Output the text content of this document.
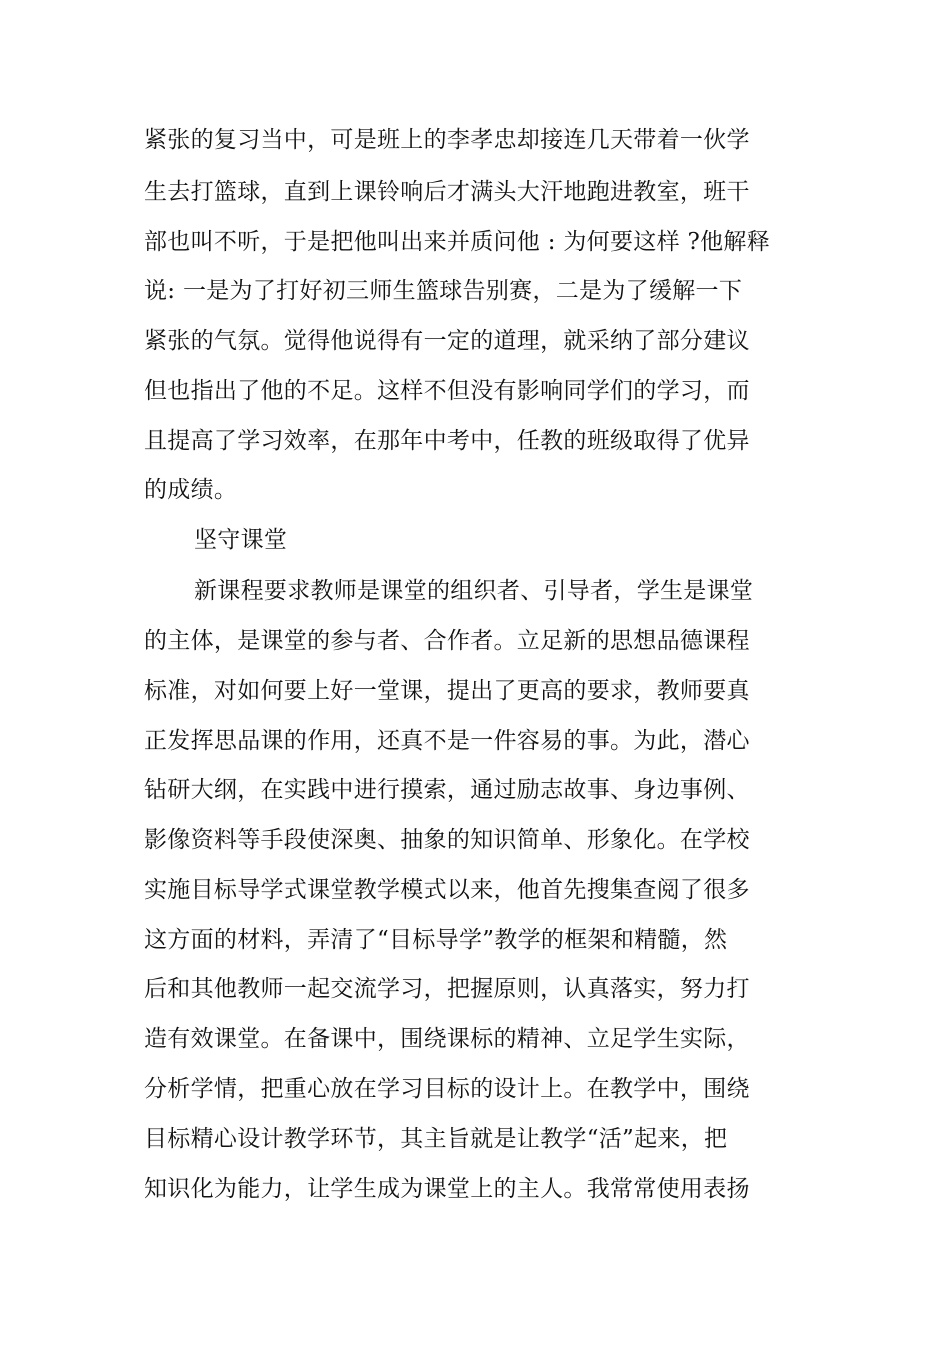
紧张的复习当中，可是班上的李孝忠却接连几天带着一伙学
生去打篮球，直到上课铃响后才满头大汗地跑进教室，班干
部也叫不听，于是把他叫出来并质问他 : 为何要这样 ?他解释
说: 一是为了打好初三师生篮球告别赛，二是为了缓解一下
紧张的气氛。觉得他说得有一定的道理，就采纳了部分建议
但也指出了他的不足。这样不但没有影响同学们的学习，而
且提高了学习效率，在那年中考中，任教的班级取得了优异
的成绩。
坚守课堂
新课程要求教师是课堂的组织者、引导者，学生是课堂
的主体，是课堂的参与者、合作者。立足新的思想品德课程
标准，对如何要上好一堂课，提出了更高的要求，教师要真
正发挥思品课的作用，还真不是一件容易的事。为此，潜心
钻研大纲，在实践中进行摸索，通过励志故事、身边事例、
影像资料等手段使深奥、抽象的知识简单、形象化。在学校
实施目标导学式课堂教学模式以来，他首先搜集查阅了很多
这方面的材料，弄清了“目标导学”教学的框架和精髓，然
后和其他教师一起交流学习，把握原则，认真落实，努力打
造有效课堂。在备课中，围绕课标的精神、立足学生实际，
分析学情，把重心放在学习目标的设计上。在教学中，围绕
目标精心设计教学环节，其主旨就是让教学“活”起来，把
知识化为能力，让学生成为课堂上的主人。我常常使用表扬
